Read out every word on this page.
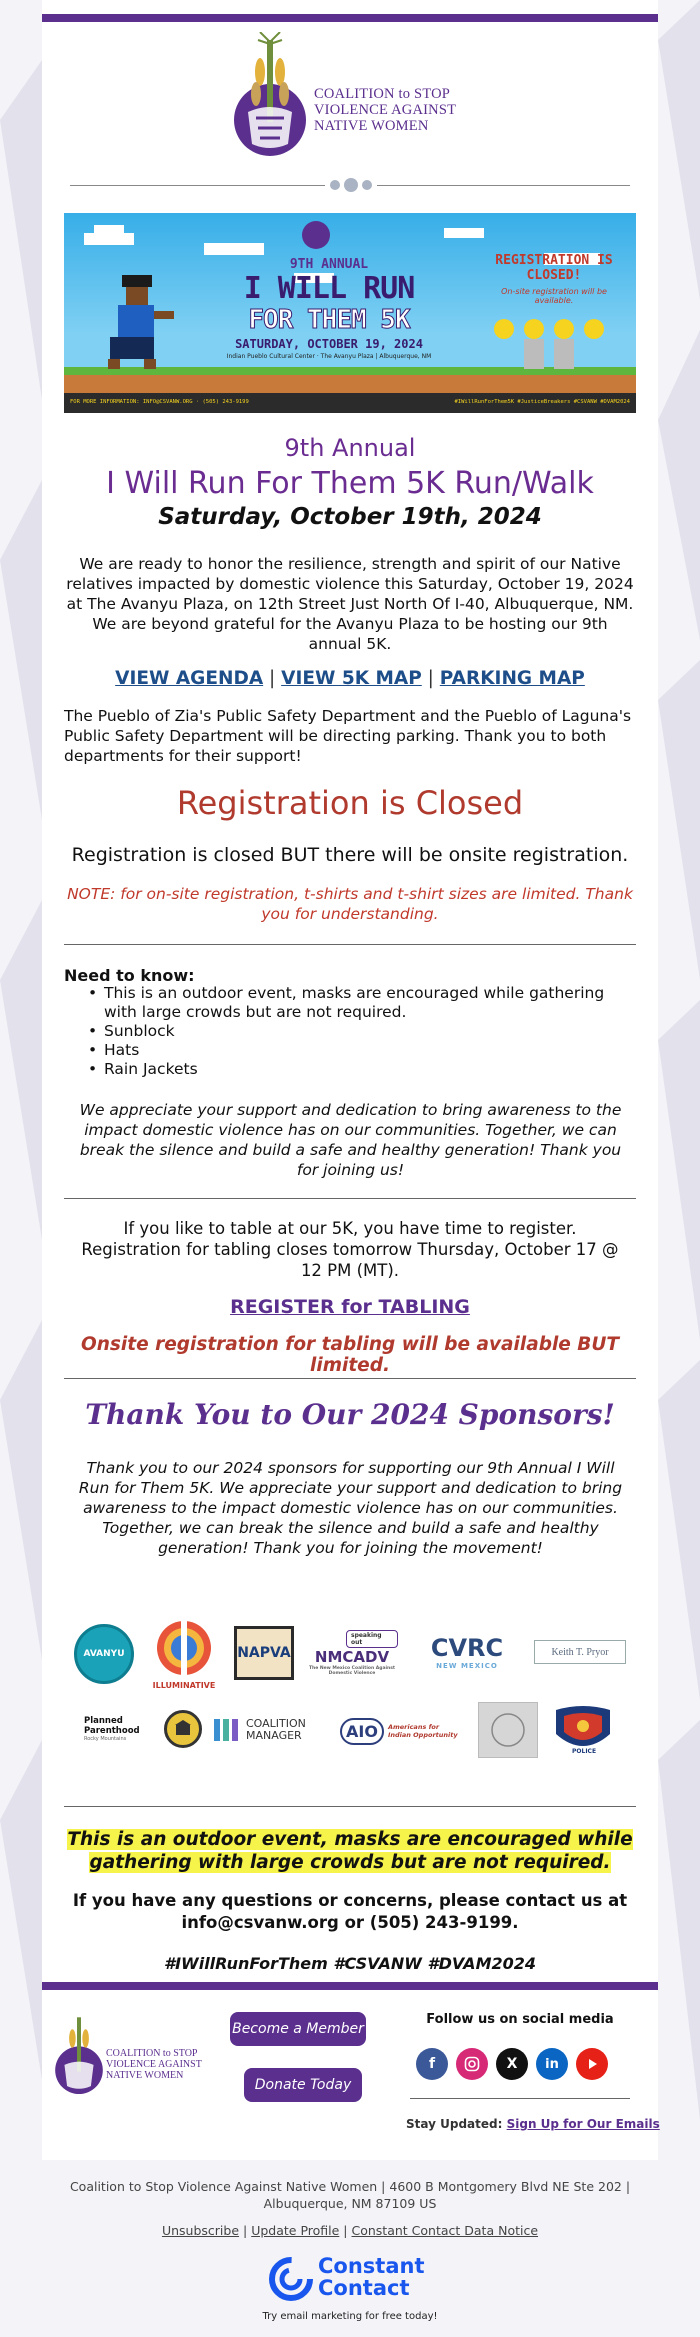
COALITION to STOP
VIOLENCE AGAINST
NATIVE WOMEN
9TH ANNUAL
I WILL RUN
FOR THEM 5K
SATURDAY, OCTOBER 19, 2024
Indian Pueblo Cultural Center · The Avanyu Plaza | Albuquerque, NM
REGISTRATION IS CLOSED!
On-site registration will be available.
FOR MORE INFORMATION: INFO@CSVANW.ORG · (505) 243-9199	#IWillRunForThem5K #JusticeBreakers #CSVANW #DVAM2024
9th Annual
I Will Run For Them 5K Run/Walk
Saturday, October 19th, 2024
We are ready to honor the resilience, strength and spirit of our Native relatives impacted by domestic violence this Saturday, October 19, 2024 at The Avanyu Plaza, on 12th Street Just North Of I-40, Albuquerque, NM. We are beyond grateful for the Avanyu Plaza to be hosting our 9th annual 5K.
VIEW AGENDA | VIEW 5K MAP | PARKING MAP
The Pueblo of Zia's Public Safety Department and the Pueblo of Laguna's Public Safety Department will be directing parking. Thank you to both departments for their support!
Registration is Closed
Registration is closed BUT there will be onsite registration.
NOTE: for on-site registration, t-shirts and t-shirt sizes are limited. Thank you for understanding.
Need to know:
• This is an outdoor event, masks are encouraged while gathering with large crowds but are not required.
• Sunblock
• Hats
• Rain Jackets
We appreciate your support and dedication to bring awareness to the impact domestic violence has on our communities. Together, we can break the silence and build a safe and healthy generation! Thank you for joining us!
If you like to table at our 5K, you have time to register. Registration for tabling closes tomorrow Thursday, October 17 @ 12 PM (MT).
REGISTER for TABLING
Onsite registration for tabling will be available BUT limited.
Thank You to Our 2024 Sponsors!
Thank you to our 2024 sponsors for supporting our 9th Annual I Will Run for Them 5K. We appreciate your support and dedication to bring awareness to the impact domestic violence has on our communities. Together, we can break the silence and build a safe and healthy generation! Thank you for joining the movement!
AVANYU
ILLUMINATIVE
NAPVA
speaking out
NMCADV
The New Mexico Coalition Against Domestic Violence
CVRC
NEW MEXICO
Keith T. Pryor
Planned Parenthood
Rocky Mountains
COALITION MANAGER	AIO	Americans for Indian Opportunity
POLICE
This is an outdoor event, masks are encouraged while gathering with large crowds but are not required.
If you have any questions or concerns, please contact us at
info@csvanw.org or (505) 243-9199.
#IWillRunForThem #CSVANW #DVAM2024
COALITION to STOP
VIOLENCE AGAINST
NATIVE WOMEN
Become a Member
Donate Today
Follow us on social media
f	X	in
Stay Updated: Sign Up for Our Emails
Coalition to Stop Violence Against Native Women | 4600 B Montgomery Blvd NE Ste 202 | Albuquerque, NM 87109 US
Unsubscribe | Update Profile | Constant Contact Data Notice
Constant
Contact
Try email marketing for free today!
